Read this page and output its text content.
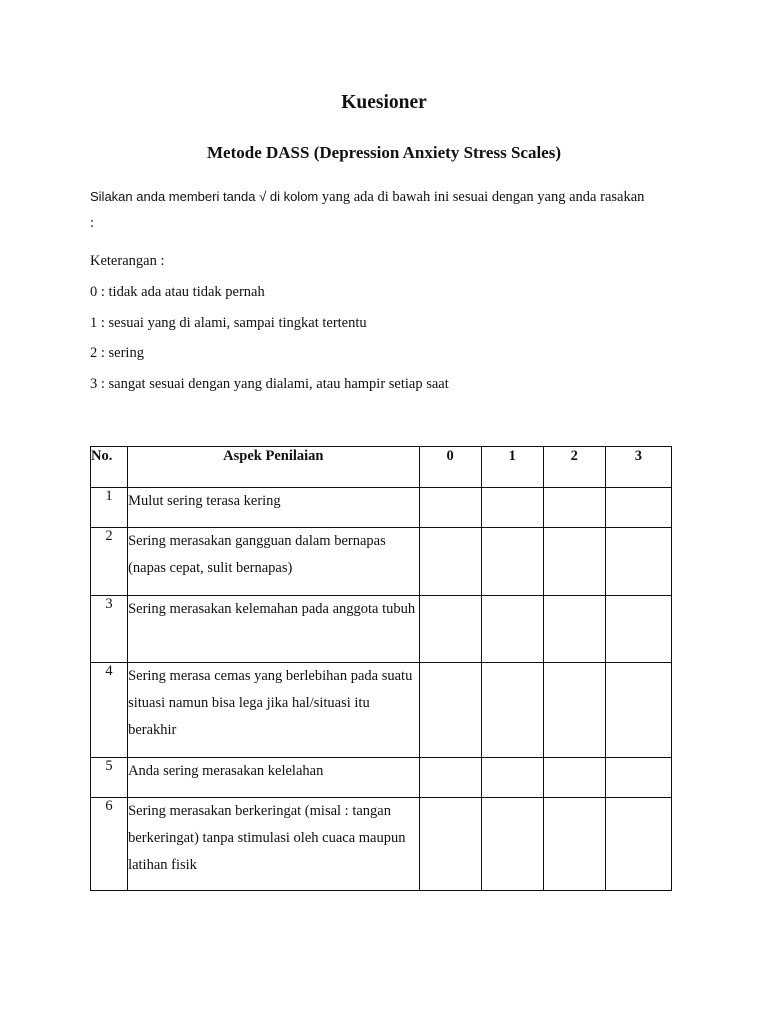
Kuesioner
Metode DASS (Depression Anxiety Stress Scales)
Silakan anda memberi tanda √ di kolom yang ada di bawah ini sesuai dengan yang anda rasakan
:
Keterangan :
0 : tidak ada atau tidak pernah
1 : sesuai yang di alami, sampai tingkat tertentu
2 : sering
3 : sangat sesuai dengan yang dialami, atau hampir setiap saat
No.	Aspek Penilaian	0	1	2	3
1	Mulut sering terasa kering				
2	Sering merasakan gangguan dalam bernapas (napas cepat, sulit bernapas)				
3	Sering merasakan kelemahan pada anggota tubuh				
4	Sering merasa cemas yang berlebihan pada suatu situasi namun bisa lega jika hal/situasi itu berakhir				
5	Anda sering merasakan kelelahan				
6	Sering merasakan berkeringat (misal : tangan berkeringat) tanpa stimulasi oleh cuaca maupun latihan fisik				
